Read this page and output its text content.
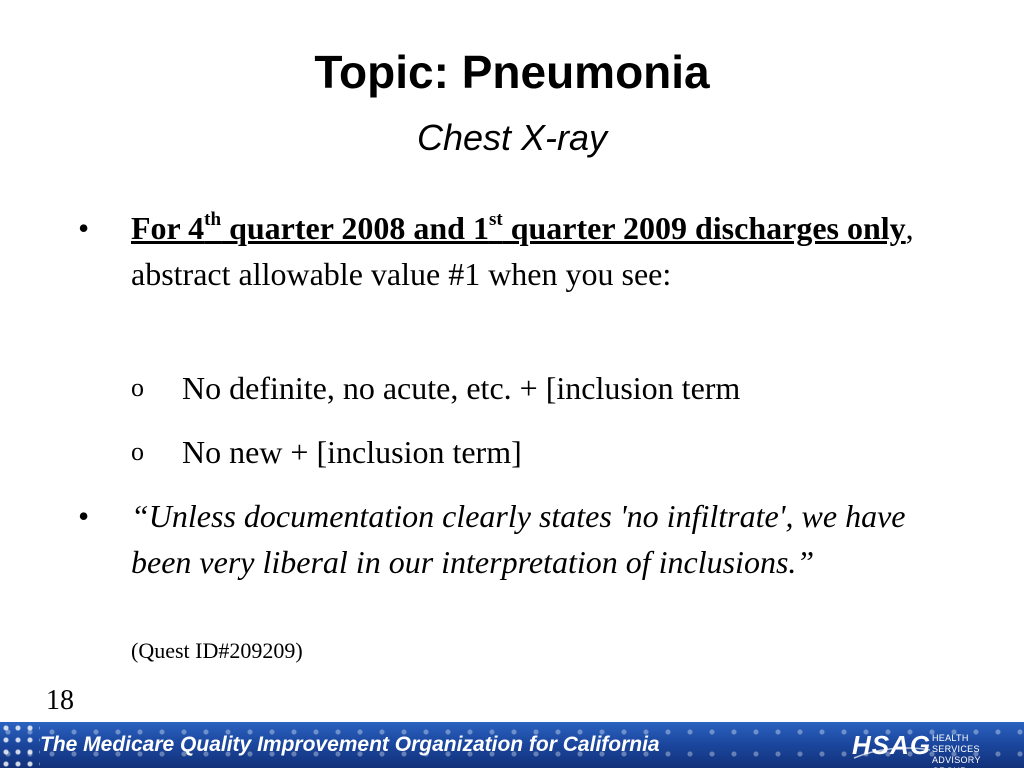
Topic: Pneumonia
Chest X-ray
• For 4th quarter 2008 and 1st quarter 2009 discharges only, abstract allowable value #1 when you see:
o No definite, no acute, etc. + [inclusion term
o No new + [inclusion term]
• “Unless documentation clearly states 'no infiltrate', we have been very liberal in our interpretation of inclusions.”
(Quest ID#209209)
18
The Medicare Quality Improvement Organization for California	HSAG HEALTH SERVICES
ADVISORY GROUP
